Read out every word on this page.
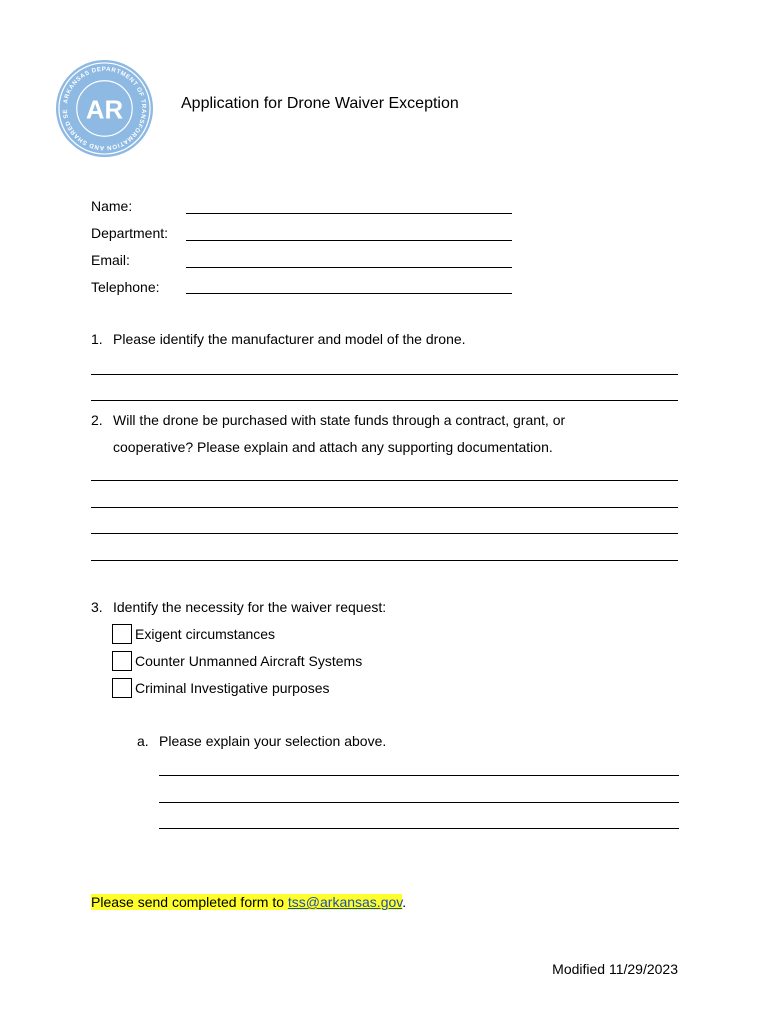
ARKANSAS DEPARTMENT OF TRANSFORMATION AND SHARED SE AR	Application for Drone Waiver Exception
Name:
Department:
Email:
Telephone:
1. Please identify the manufacturer and model of the drone.
2. Will the drone be purchased with state funds through a contract, grant, or
cooperative? Please explain and attach any supporting documentation.
3. Identify the necessity for the waiver request:
Exigent circumstances
Counter Unmanned Aircraft Systems
Criminal Investigative purposes
a. Please explain your selection above.
Please send completed form to tss@arkansas.gov.
Modified 11/29/2023
